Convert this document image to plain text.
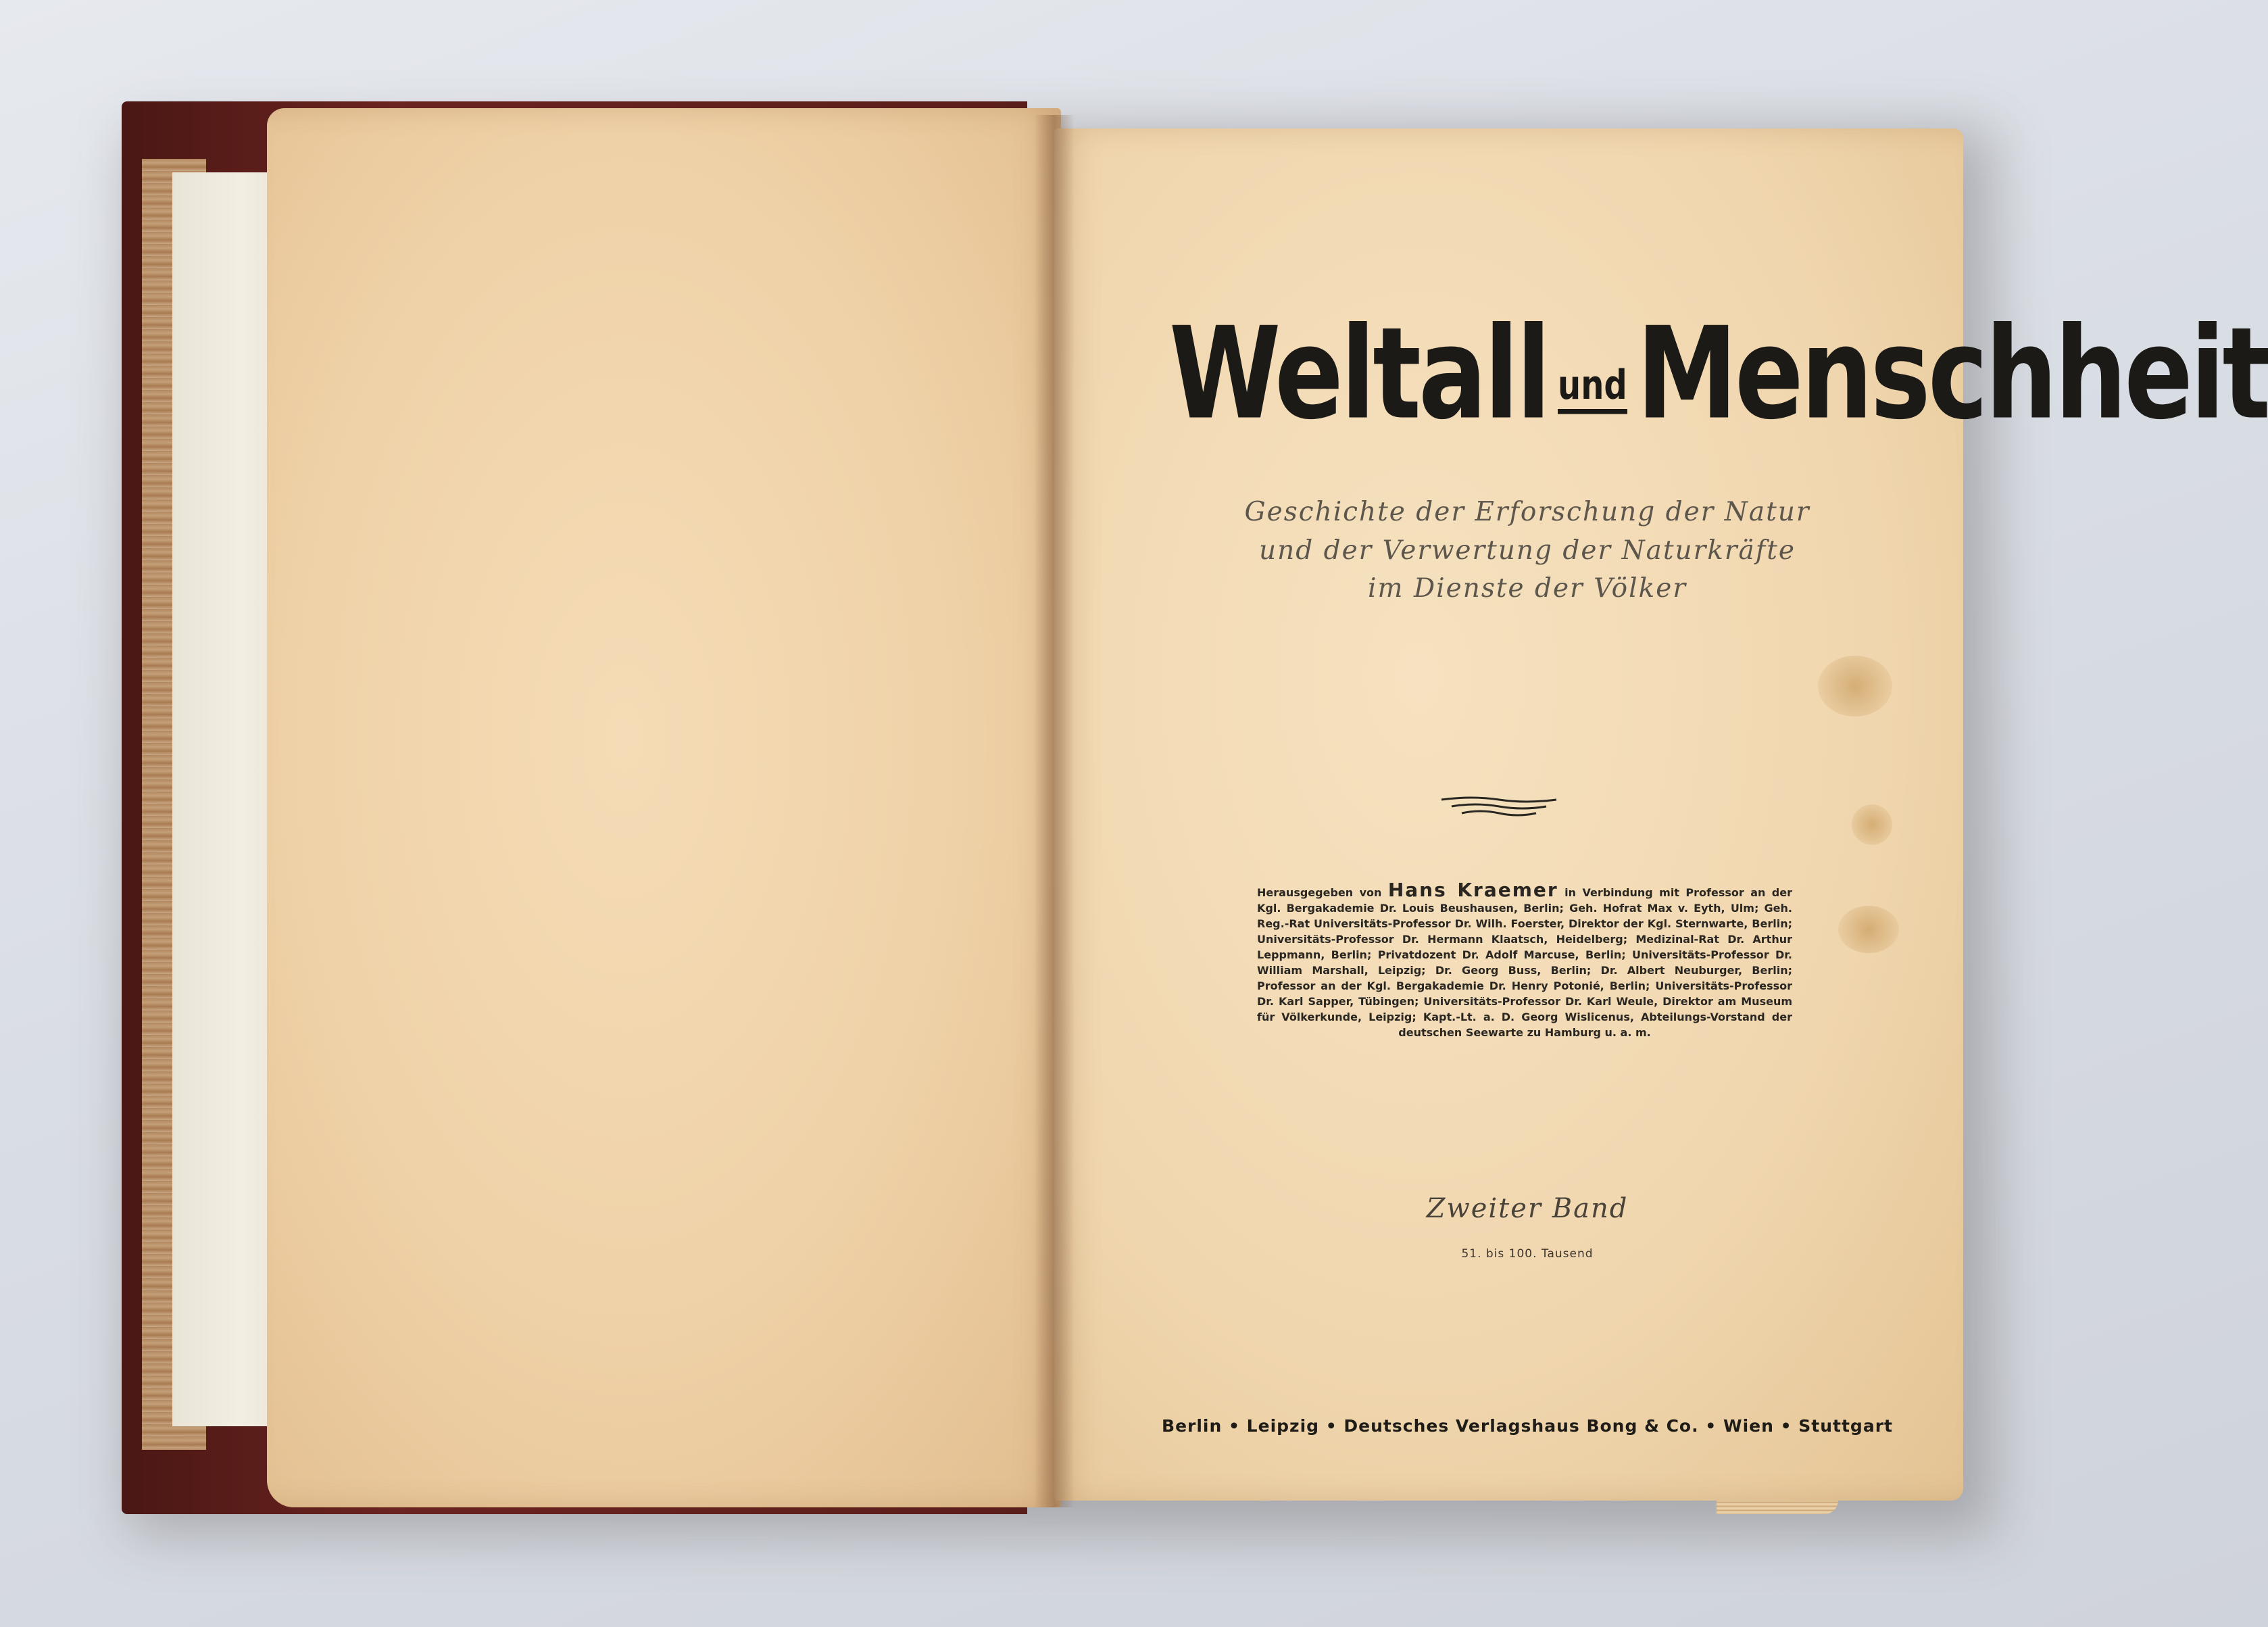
Weltall undMenschheit
Geschichte der Erforschung der Natur
und der Verwertung der Naturkräfte
im Dienste der Völker
Herausgegeben von Hans Kraemer in Verbindung mit Professor an der Kgl. Bergakademie Dr. Louis Beushausen, Berlin; Geh. Hofrat Max v. Eyth, Ulm; Geh. Reg.-Rat Universitäts-Professor Dr. Wilh. Foerster, Direktor der Kgl. Sternwarte, Berlin; Universitäts-Professor Dr. Hermann Klaatsch, Heidelberg; Medizinal-Rat Dr. Arthur Leppmann, Berlin; Privatdozent Dr. Adolf Marcuse, Berlin; Universitäts-Professor Dr. William Marshall, Leipzig; Dr. Georg Buss, Berlin; Dr. Albert Neuburger, Berlin; Professor an der Kgl. Bergakademie Dr. Henry Potonié, Berlin; Universitäts-Professor Dr. Karl Sapper, Tübingen; Universitäts-Professor Dr. Karl Weule, Direktor am Museum für Völkerkunde, Leipzig; Kapt.-Lt. a. D. Georg Wislicenus, Abteilungs-Vorstand der deutschen Seewarte zu Hamburg u. a. m.
Zweiter Band
51. bis 100. Tausend
Berlin • Leipzig • Deutsches Verlagshaus Bong & Co. • Wien • Stuttgart
